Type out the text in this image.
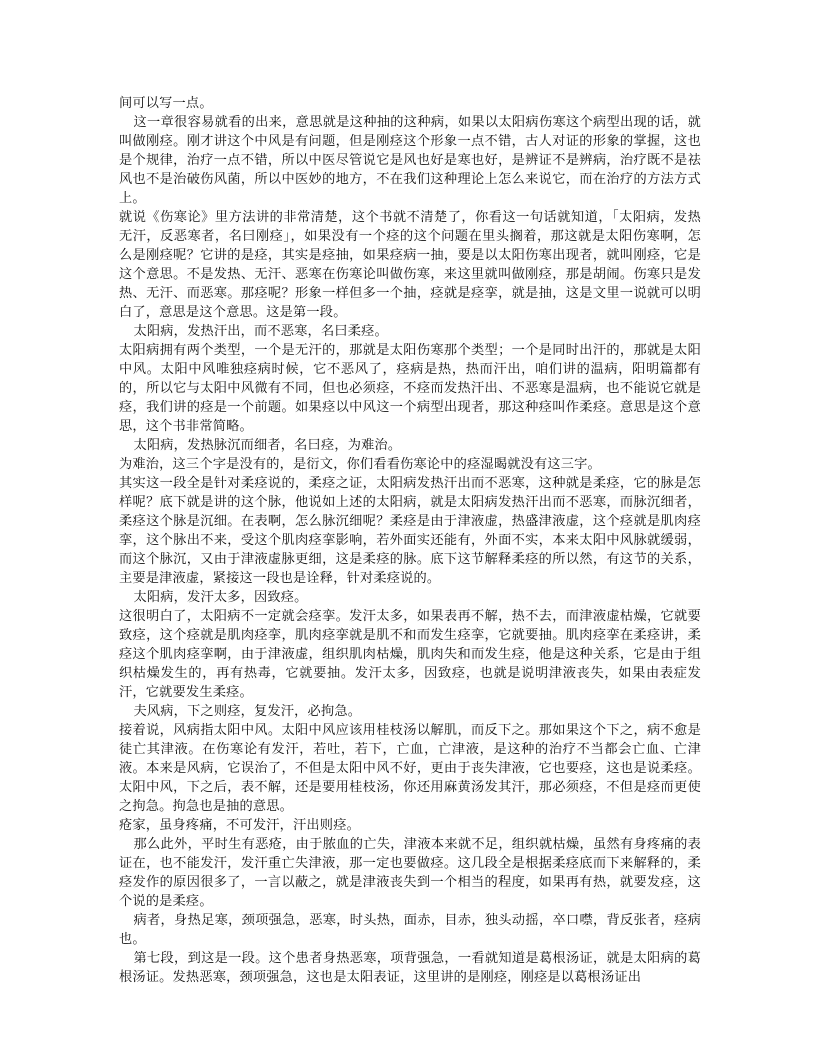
间可以写一点。

这一章很容易就看的出来，意思就是这种抽的这种病，如果以太阳病伤寒这个病型出现的话，就叫做刚痉。刚才讲这个中风是有问题，但是刚痉这个形象一点不错，古人对证的形象的掌握，这也是个规律，治疗一点不错，所以中医尽管说它是风也好是寒也好，是辨证不是辨病，治疗既不是祛风也不是治破伤风菌，所以中医妙的地方，不在我们这种理论上怎么来说它，而在治疗的方法方式上。

就说《伤寒论》里方法讲的非常清楚，这个书就不清楚了，你看这一句话就知道，「太阳病，发热无汗，反恶寒者，名曰刚痉」，如果没有一个痉的这个问题在里头搁着，那这就是太阳伤寒啊，怎么是刚痉呢？它讲的是痉，其实是痉抽，如果痉病一抽，要是以太阳伤寒出现者，就叫刚痉，它是这个意思。不是发热、无汗、恶寒在伤寒论叫做伤寒，来这里就叫做刚痉，那是胡闹。伤寒只是发热、无汗、而恶寒。那痉呢？形象一样但多一个抽，痉就是痉挛，就是抽，这是文里一说就可以明白了，意思是这个意思。这是第一段。

太阳病，发热汗出，而不恶寒，名曰柔痉。

太阳病拥有两个类型，一个是无汗的，那就是太阳伤寒那个类型；一个是同时出汗的，那就是太阳中风。太阳中风唯独痉病时候，它不恶风了，痉病是热，热而汗出，咱们讲的温病，阳明篇都有的，所以它与太阳中风微有不同，但也必须痉，不痉而发热汗出、不恶寒是温病，也不能说它就是痉，我们讲的痉是一个前题。如果痉以中风这一个病型出现者，那这种痉叫作柔痉。意思是这个意思，这个书非常简略。

太阳病，发热脉沉而细者，名曰痉，为难治。

为难治，这三个字是没有的，是衍文，你们看看伤寒论中的痉湿暍就没有这三字。

其实这一段全是针对柔痉说的，柔痉之证，太阳病发热汗出而不恶寒，这种就是柔痉，它的脉是怎样呢？底下就是讲的这个脉，他说如上述的太阳病，就是太阳病发热汗出而不恶寒，而脉沉细者，柔痉这个脉是沉细。在表啊，怎么脉沉细呢？柔痉是由于津液虚，热盛津液虚，这个痉就是肌肉痉挛，这个脉出不来，受这个肌肉痉挛影响，若外面实还能有，外面不实，本来太阳中风脉就缓弱，而这个脉沉，又由于津液虚脉更细，这是柔痉的脉。底下这节解释柔痉的所以然，有这节的关系，主要是津液虚，紧接这一段也是诠释，针对柔痉说的。

太阳病，发汗太多，因致痉。

这很明白了，太阳病不一定就会痉挛。发汗太多，如果表再不解，热不去，而津液虚枯燥，它就要致痉，这个痉就是肌肉痉挛，肌肉痉挛就是肌不和而发生痉挛，它就要抽。肌肉痉挛在柔痉讲，柔痉这个肌肉痉挛啊，由于津液虚，组织肌肉枯燥，肌肉失和而发生痉，他是这种关系，它是由于组织枯燥发生的，再有热毒，它就要抽。发汗太多，因致痉，也就是说明津液丧失，如果由表症发汗，它就要发生柔痉。

夫风病，下之则痉，复发汗，必拘急。

接着说，风病指太阳中风。太阳中风应该用桂枝汤以解肌，而反下之。那如果这个下之，病不愈是徒亡其津液。在伤寒论有发汗，若吐，若下，亡血，亡津液，是这种的治疗不当都会亡血、亡津液。本来是风病，它误治了，不但是太阳中风不好，更由于丧失津液，它也要痉，这也是说柔痉。太阳中风，下之后，表不解，还是要用桂枝汤，你还用麻黄汤发其汗，那必须痉，不但是痉而更使之拘急。拘急也是抽的意思。

疮家，虽身疼痛，不可发汗，汗出则痉。

那么此外，平时生有恶疮，由于脓血的亡失，津液本来就不足，组织就枯燥，虽然有身疼痛的表证在，也不能发汗，发汗重亡失津液，那一定也要做痉。这几段全是根据柔痉底而下来解释的，柔痉发作的原因很多了，一言以蔽之，就是津液丧失到一个相当的程度，如果再有热，就要发痉，这个说的是柔痉。

病者，身热足寒，颈项强急，恶寒，时头热，面赤，目赤，独头动摇，卒口噤，背反张者，痉病也。

第七段，到这是一段。这个患者身热恶寒，项背强急，一看就知道是葛根汤证，就是太阳病的葛根汤证。发热恶寒，颈项强急，这也是太阳表证，这里讲的是刚痉，刚痉是以葛根汤证出
